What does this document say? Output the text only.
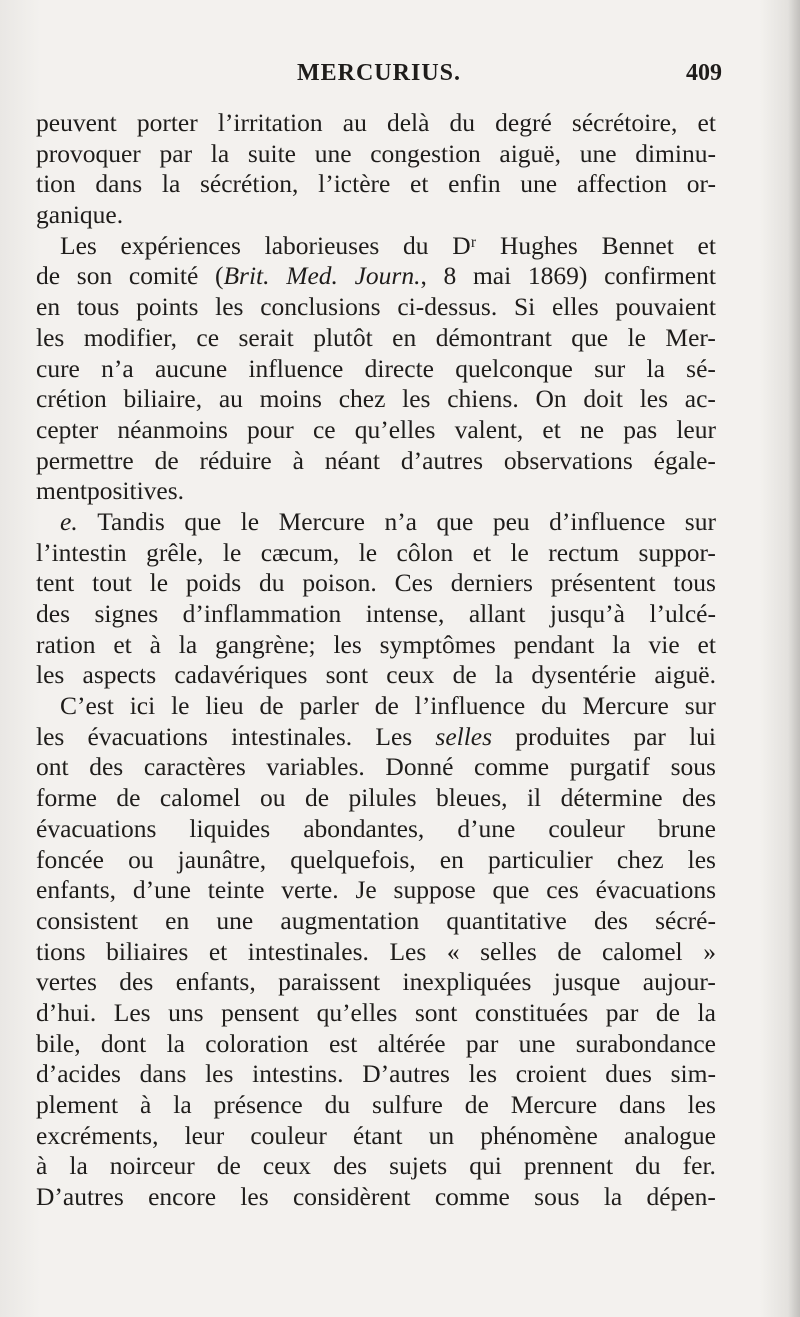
MERCURIUS.	409
peuvent porter l’irritation au delà du degré sécrétoire, et
provoquer par la suite une congestion aiguë, une diminu-
tion dans la sécrétion, l’ictère et enfin une affection or-
ganique.
Les expériences laborieuses du Dʳ Hughes Bennet et
de son comité (Brit. Med. Journ., 8 mai 1869) confirment
en tous points les conclusions ci-dessus. Si elles pouvaient
les modifier, ce serait plutôt en démontrant que le Mer-
cure n’a aucune influence directe quelconque sur la sé-
crétion biliaire, au moins chez les chiens. On doit les ac-
cepter néanmoins pour ce qu’elles valent, et ne pas leur
permettre de réduire à néant d’autres observations égale-
ment positives.
e. Tandis que le Mercure n’a que peu d’influence sur
l’intestin grêle, le cæcum, le côlon et le rectum suppor-
tent tout le poids du poison. Ces derniers présentent tous
des signes d’inflammation intense, allant jusqu’à l’ulcé-
ration et à la gangrène; les symptômes pendant la vie et
les aspects cadavériques sont ceux de la dysentérie aiguë.
C’est ici le lieu de parler de l’influence du Mercure sur
les évacuations intestinales. Les selles produites par lui
ont des caractères variables. Donné comme purgatif sous
forme de calomel ou de pilules bleues, il détermine des
évacuations liquides abondantes, d’une couleur brune
foncée ou jaunâtre, quelquefois, en particulier chez les
enfants, d’une teinte verte. Je suppose que ces évacuations
consistent en une augmentation quantitative des sécré-
tions biliaires et intestinales. Les « selles de calomel »
vertes des enfants, paraissent inexpliquées jusque aujour-
d’hui. Les uns pensent qu’elles sont constituées par de la
bile, dont la coloration est altérée par une surabondance
d’acides dans les intestins. D’autres les croient dues sim-
plement à la présence du sulfure de Mercure dans les
excréments, leur couleur étant un phénomène analogue
à la noirceur de ceux des sujets qui prennent du fer.
D’autres encore les considèrent comme sous la dépen-
